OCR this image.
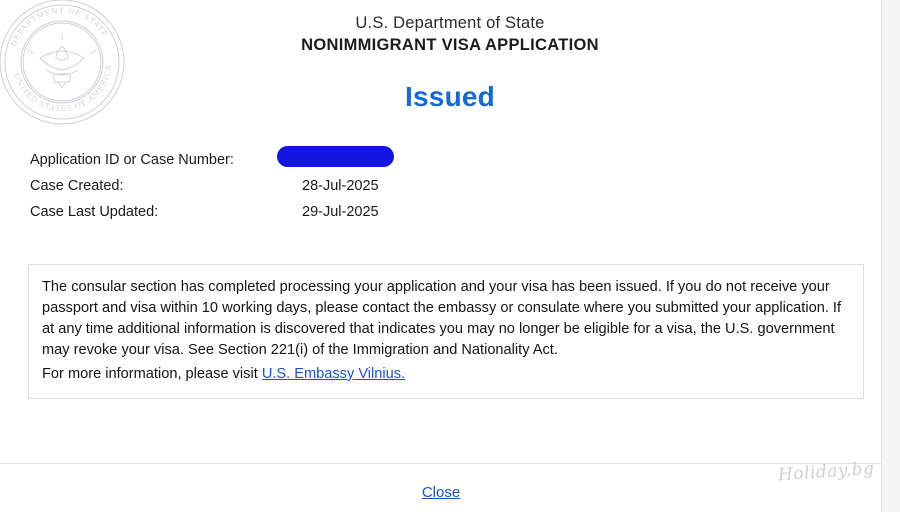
DEPARTMENT OF STATE
UNITED STATES OF AMERICA
U.S. Department of State
NONIMMIGRANT VISA APPLICATION
Issued
Application ID or Case Number:
Case Created:	28-Jul-2025
Case Last Updated:	29-Jul-2025

The consular section has completed processing your application and your visa has been issued. If you do not receive your passport and visa within 10 working days, please contact the embassy or consulate where you submitted your application. If at any time additional information is discovered that indicates you may no longer be eligible for a visa, the U.S. government may revoke your visa. See Section 221(i) of the Immigration and Nationality Act.

For more information, please visit U.S. Embassy Vilnius.

Close
Holiday.bg
